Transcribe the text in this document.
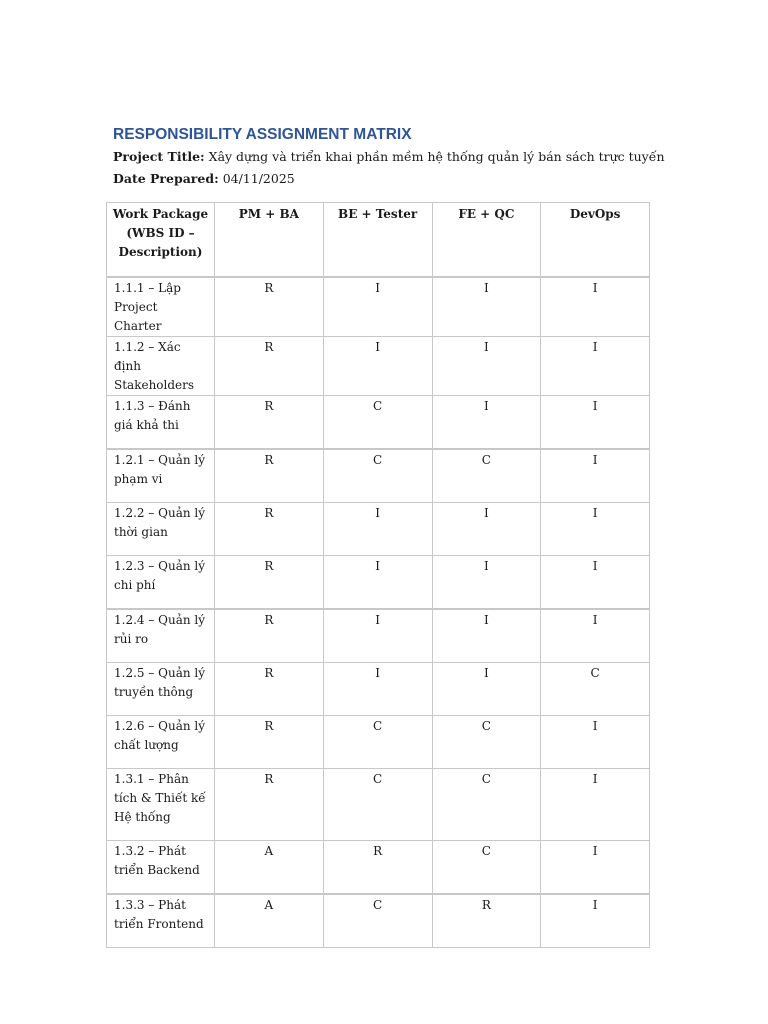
RESPONSIBILITY ASSIGNMENT MATRIX
Project Title: Xây dựng và triển khai phần mềm hệ thống quản lý bán sách trực tuyến
Date Prepared: 04/11/2025
Work Package (WBS ID – Description)	PM + BA	BE + Tester	FE + QC	DevOps
1.1.1 – Lập Project Charter	R	I	I	I
1.1.2 – Xác định Stakeholders	R	I	I	I
1.1.3 – Đánh giá khả thi	R	C	I	I
1.2.1 – Quản lý phạm vi	R	C	C	I
1.2.2 – Quản lý thời gian	R	I	I	I
1.2.3 – Quản lý chi phí	R	I	I	I
1.2.4 – Quản lý rủi ro	R	I	I	I
1.2.5 – Quản lý truyền thông	R	I	I	C
1.2.6 – Quản lý chất lượng	R	C	C	I
1.3.1 – Phân tích & Thiết kế Hệ thống	R	C	C	I
1.3.2 – Phát triển Backend	A	R	C	I
1.3.3 – Phát triển Frontend	A	C	R	I
